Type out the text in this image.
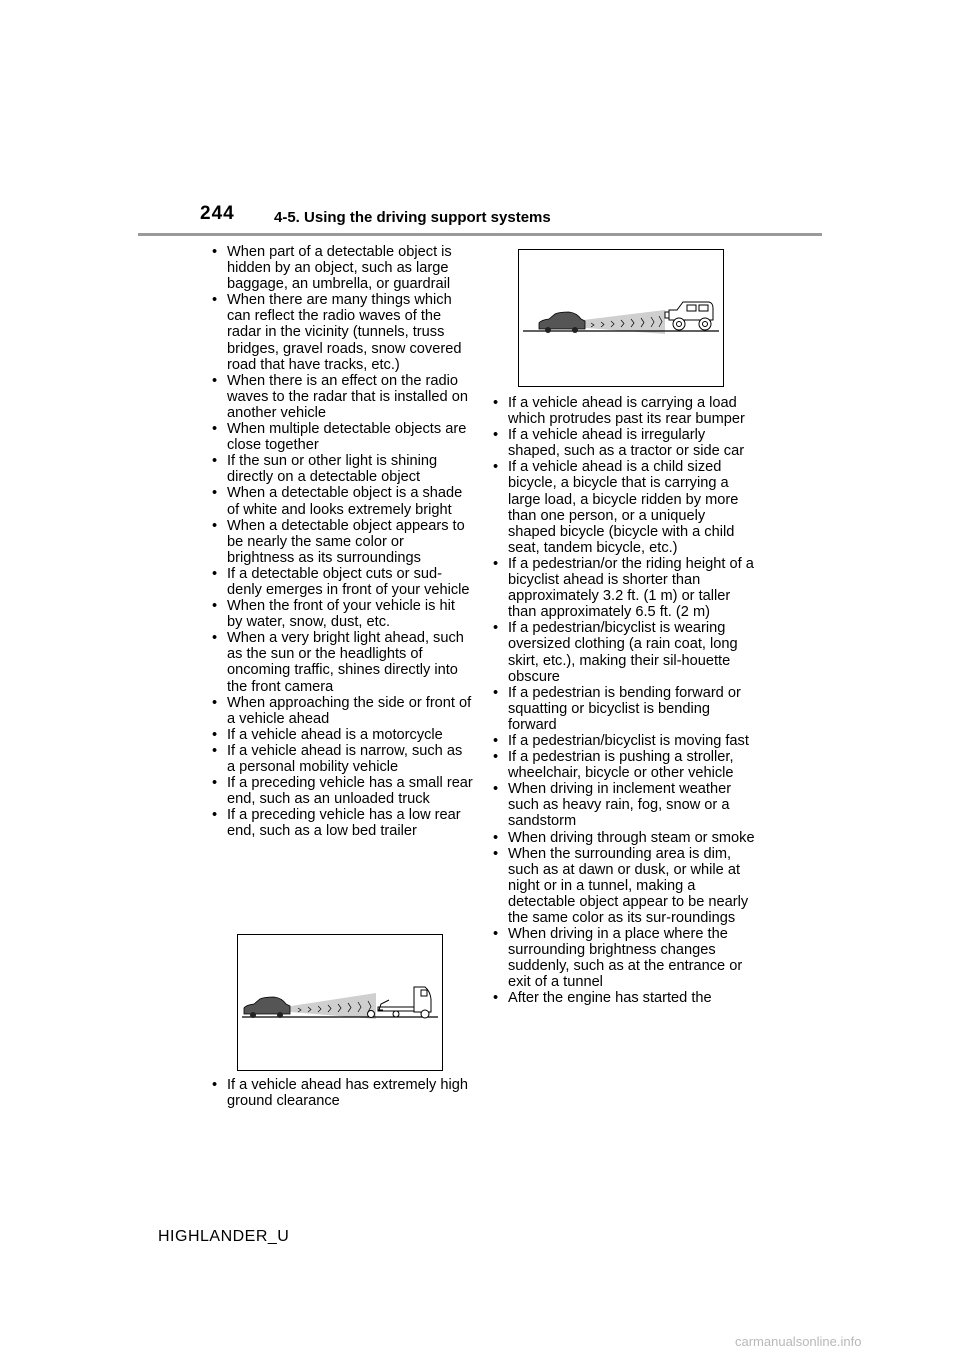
244	4-5. Using the driving support systems
• When part of a detectable object is hidden by an object, such as large baggage, an umbrella, or guardrail
• When there are many things which can reflect the radio waves of the radar in the vicinity (tunnels, truss bridges, gravel roads, snow covered road that have tracks, etc.)
• When there is an effect on the radio waves to the radar that is installed on another vehicle
• When multiple detectable objects are close together
• If the sun or other light is shining directly on a detectable object
• When a detectable object is a shade of white and looks extremely bright
• When a detectable object appears to be nearly the same color or brightness as its surroundings
• If a detectable object cuts or sud-denly emerges in front of your vehicle
• When the front of your vehicle is hit by water, snow, dust, etc.
• When a very bright light ahead, such as the sun or the headlights of oncoming traffic, shines directly into the front camera
• When approaching the side or front of a vehicle ahead
• If a vehicle ahead is a motorcycle
• If a vehicle ahead is narrow, such as a personal mobility vehicle
• If a preceding vehicle has a small rear end, such as an unloaded truck
• If a preceding vehicle has a low rear end, such as a low bed trailer
• If a vehicle ahead has extremely high ground clearance
• If a vehicle ahead is carrying a load which protrudes past its rear bumper
• If a vehicle ahead is irregularly shaped, such as a tractor or side car
• If a vehicle ahead is a child sized bicycle, a bicycle that is carrying a large load, a bicycle ridden by more than one person, or a uniquely shaped bicycle (bicycle with a child seat, tandem bicycle, etc.)
• If a pedestrian/or the riding height of a bicyclist ahead is shorter than approximately 3.2 ft. (1 m) or taller than approximately 6.5 ft. (2 m)
• If a pedestrian/bicyclist is wearing oversized clothing (a rain coat, long skirt, etc.), making their sil-houette obscure
• If a pedestrian is bending forward or squatting or bicyclist is bending forward
• If a pedestrian/bicyclist is moving fast
• If a pedestrian is pushing a stroller, wheelchair, bicycle or other vehicle
• When driving in inclement weather such as heavy rain, fog, snow or a sandstorm
• When driving through steam or smoke
• When the surrounding area is dim, such as at dawn or dusk, or while at night or in a tunnel, making a detectable object appear to be nearly the same color as its sur-roundings
• When driving in a place where the surrounding brightness changes suddenly, such as at the entrance or exit of a tunnel
• After the engine has started the
HIGHLANDER_U
carmanualsonline.info
